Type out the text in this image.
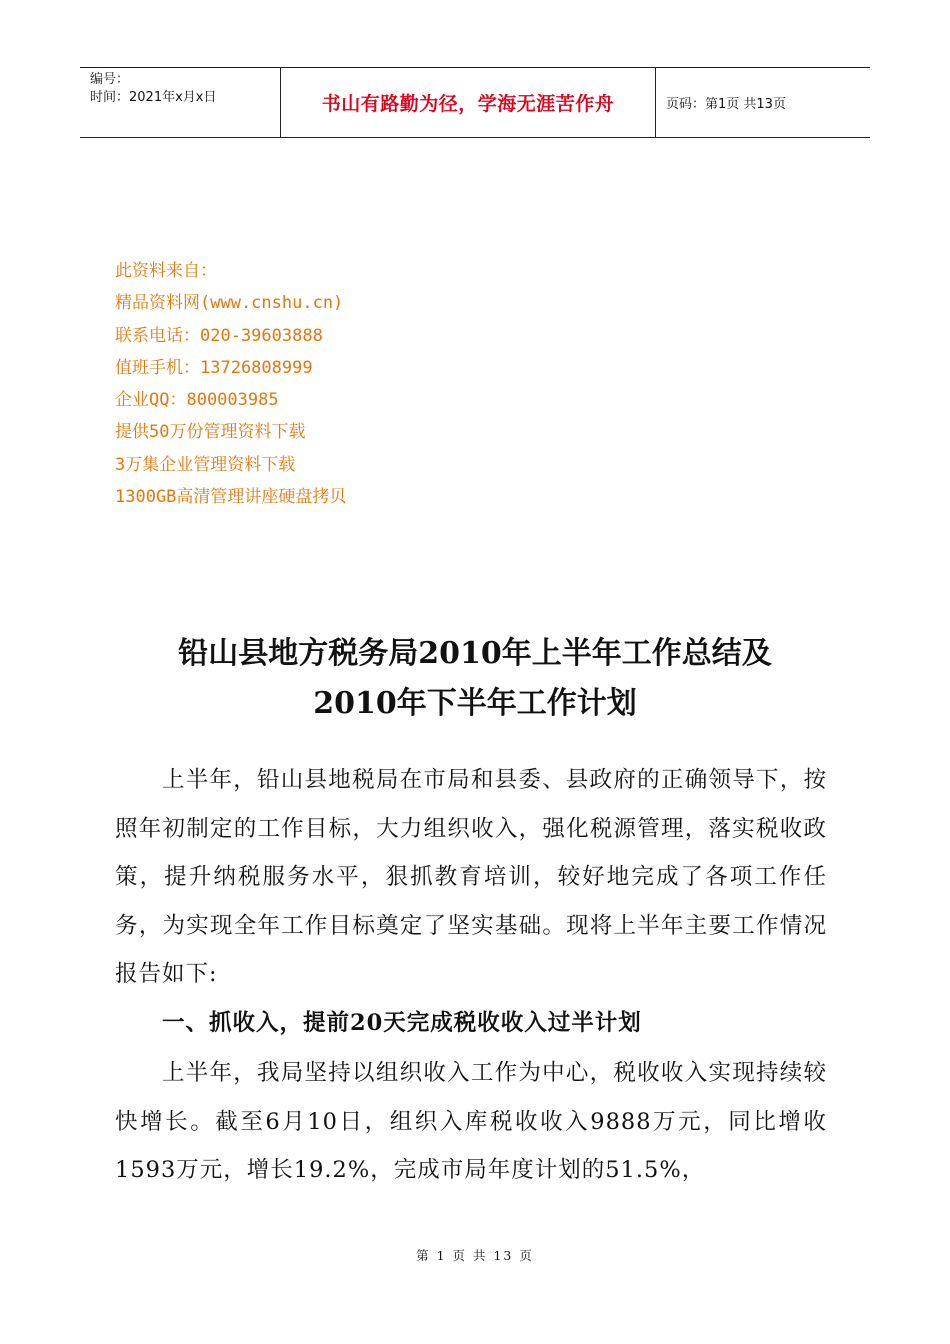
编号：
时间：2021年x月x日	书山有路勤为径，学海无涯苦作舟	页码：第1页 共13页
此资料来自：
精品资料网(www.cnshu.cn)
联系电话：020-39603888
值班手机：13726808999
企业QQ：800003985
提供50万份管理资料下载
3万集企业管理资料下载
1300GB高清管理讲座硬盘拷贝
铅山县地方税务局2010年上半年工作总结及
2010年下半年工作计划
上半年，铅山县地税局在市局和县委、县政府的正确领导下，按照年初制定的工作目标，大力组织收入，强化税源管理，落实税收政策，提升纳税服务水平，狠抓教育培训，较好地完成了各项工作任务，为实现全年工作目标奠定了坚实基础。现将上半年主要工作情况报告如下:
一、抓收入，提前20天完成税收收入过半计划
上半年，我局坚持以组织收入工作为中心，税收收入实现持续较快增长。截至6月10日，组织入库税收收入9888万元，同比增收1593万元，增长19.2%，完成市局年度计划的51.5%，
第 1 页 共 13 页
